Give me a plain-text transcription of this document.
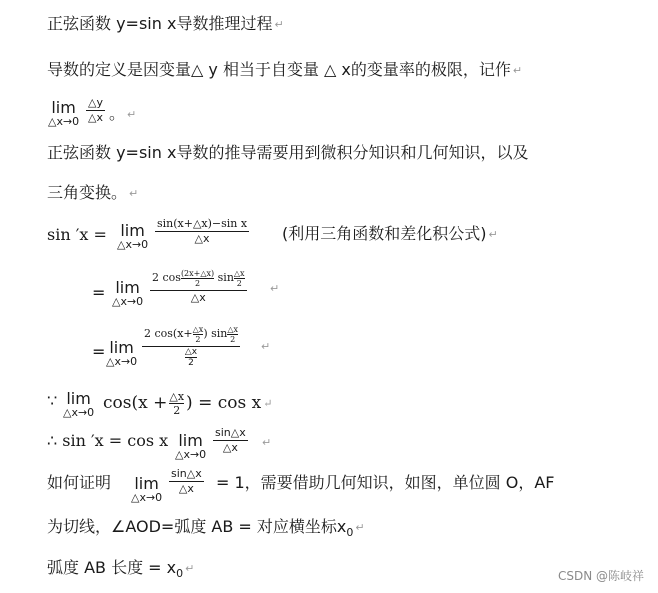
正弦函数 y=sin x导数推理过程 ↵
导数的定义是因变量△ y 相当于自变量 △ x的变量率的极限，记作 ↵
lim
△x→0 $\frac{\triangle y}{\triangle x}$ 。 ↵
正弦函数 y=sin x导数的推导需要用到微积分知识和几何知识，以及
三角变换。 ↵
sin ′x = lim
△x→0 $\frac{\text{sin(x+△x)−sin x}}{\triangle x}$ (利用三角函数和差化积公式) ↵
= lim
△x→0 $\frac{2 \cos \frac{(2x+\triangle x)}{2} \sin \frac{\triangle x}{2}}{\triangle x}$ ↵
= lim
△x→0 $\frac{2 \cos(x+ \frac{\triangle x}{2} ) \sin \frac{\triangle x}{2}}{\frac{\triangle x}{2}}$ ↵
∵ lim
△x→0 $\cos(x + \frac{\triangle x}{2}$ ) = cos x ↵
∴ sin ′x = cos x lim
△x→0 $\frac{\sin\triangle x}{\triangle x}$ ↵
如何证明 lim
△x→0
$\frac{\sin\triangle x}{\triangle x} = 1$，需要借助几何知识，如图，单位圆 O，AF
为切线，∠AOD=弧度 AB = 对应横坐标$x_0$ ↵
弧度 AB 长度 = $x_0$ ↵
CSDN @陈岐祥
